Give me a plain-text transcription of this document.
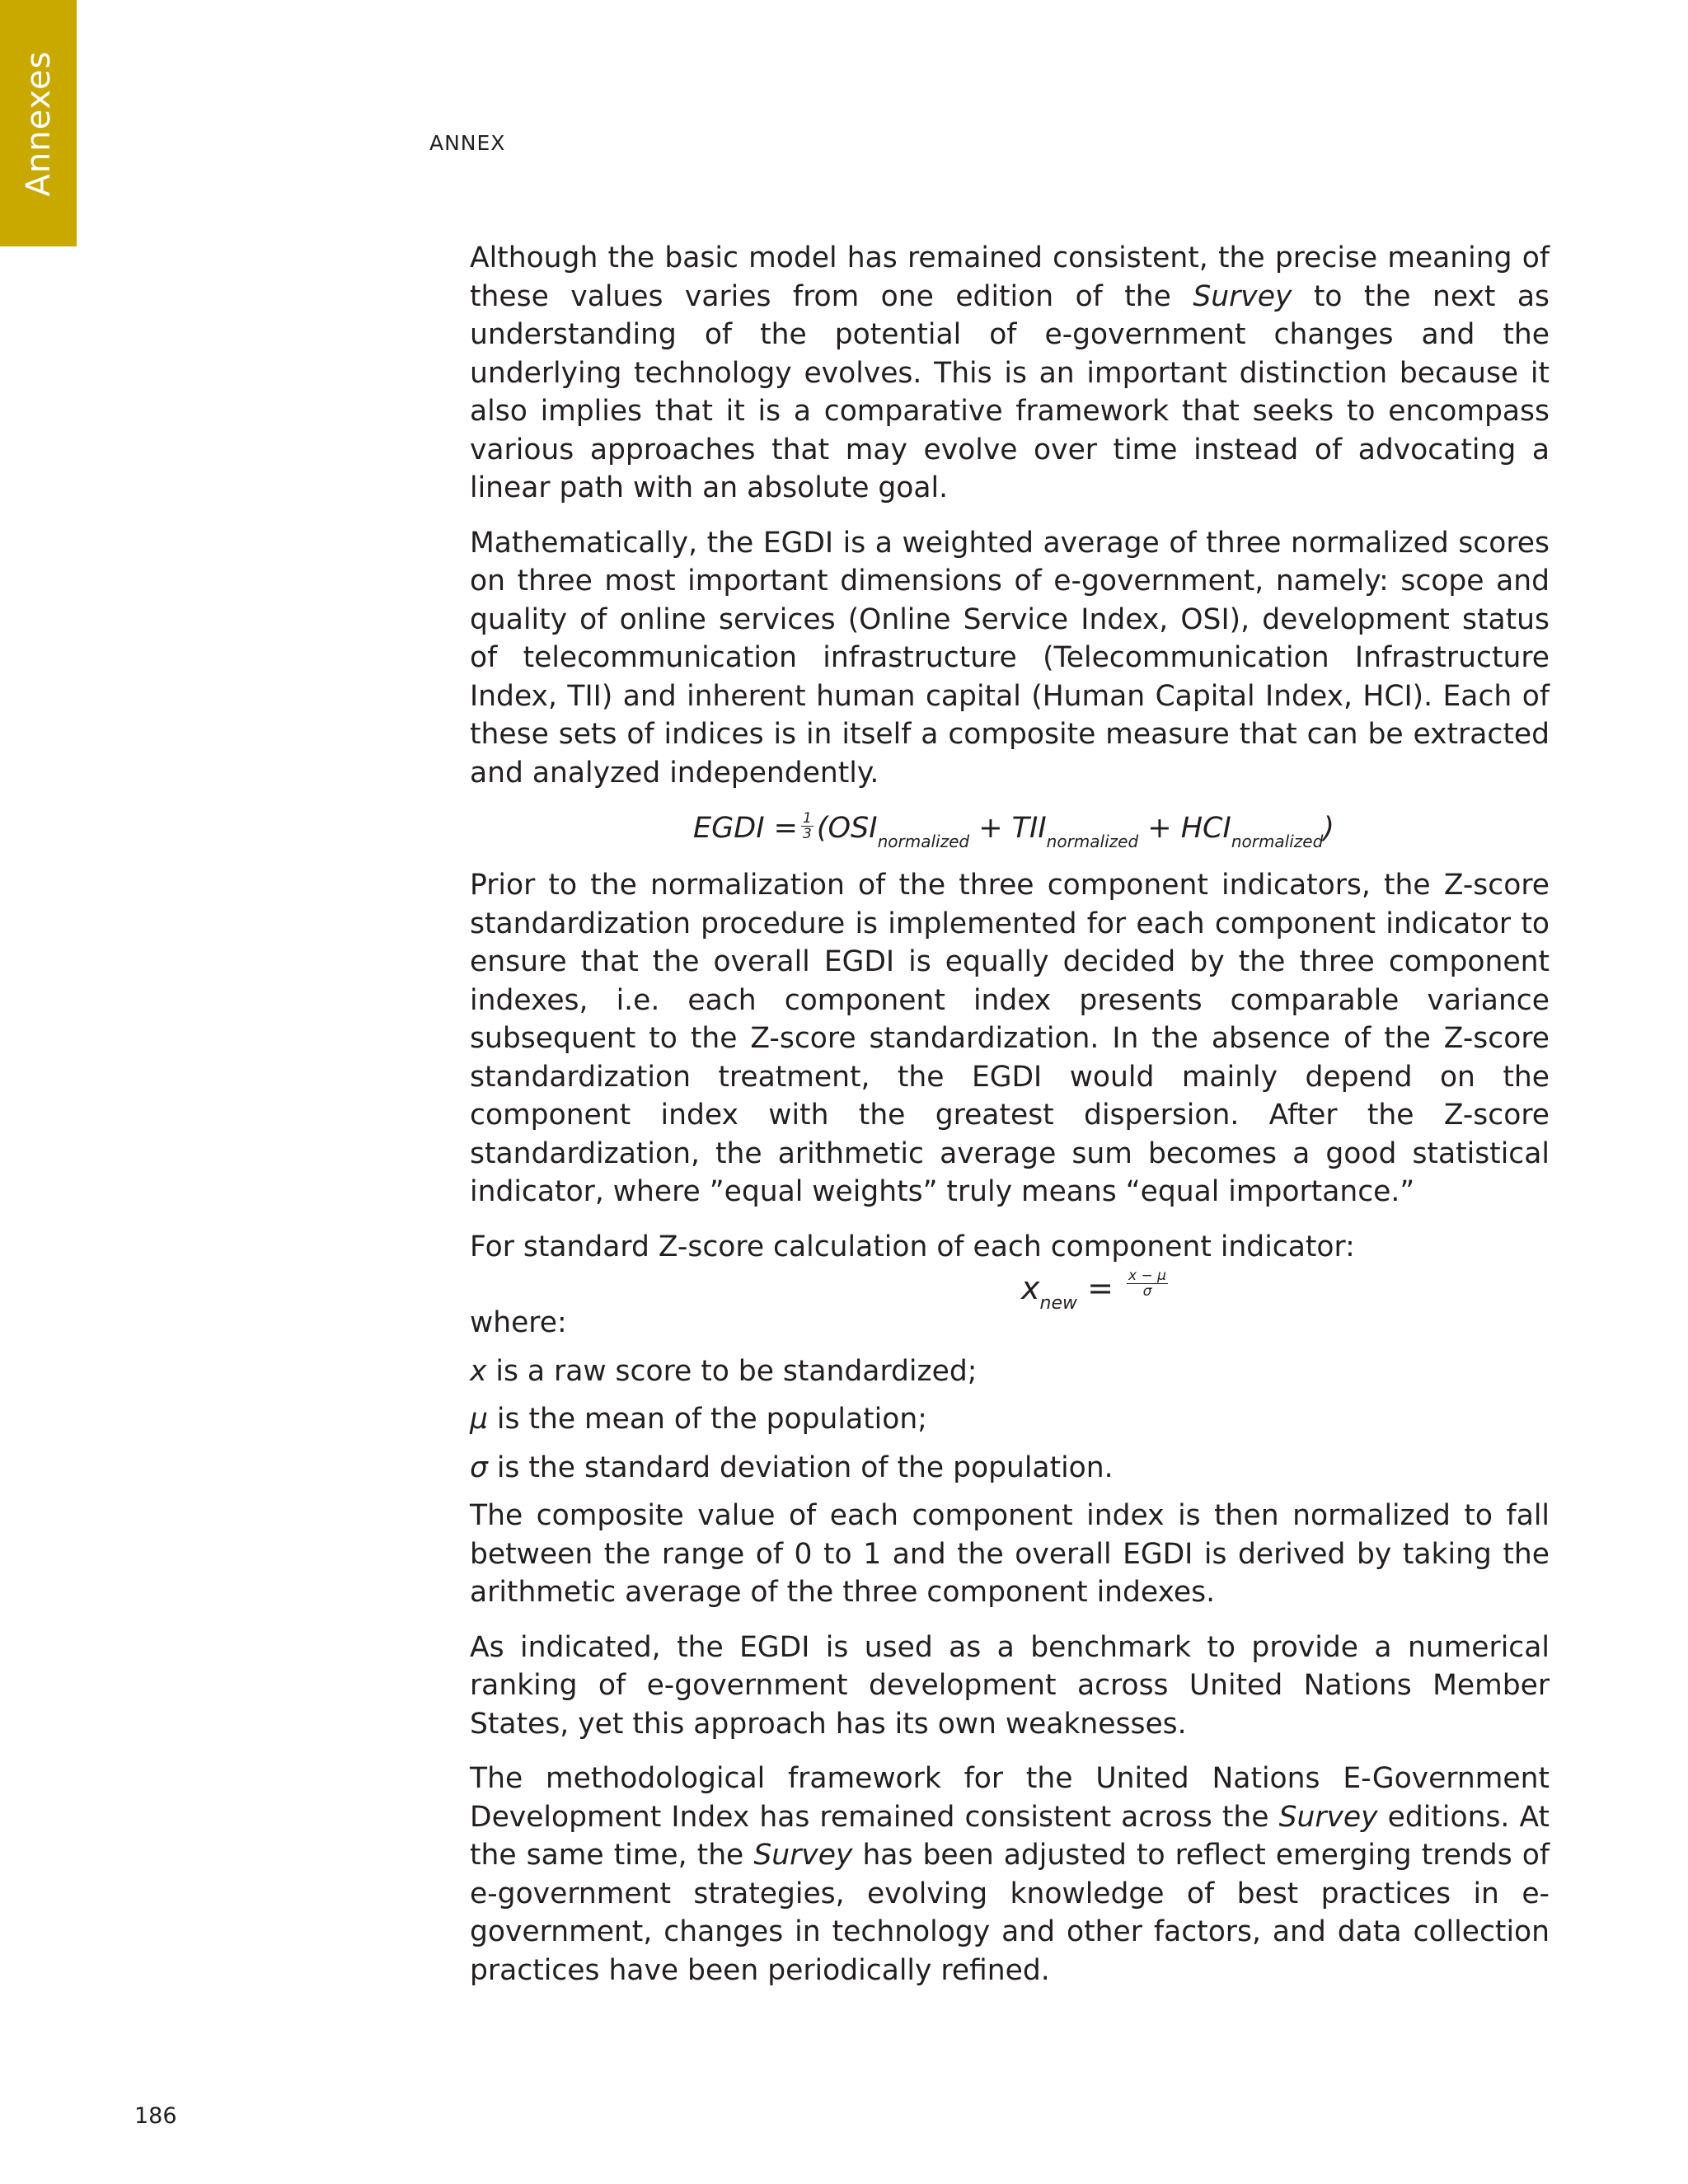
Annexes	ANNEX

Although the basic model has remained consistent, the precise meaning of these values varies from one edition of the Survey to the next as understanding of the potential of e-government changes and the underlying technology evolves. This is an important distinction because it also implies that it is a comparative framework that seeks to encompass various approaches that may evolve over time instead of advocating a linear path with an absolute goal.

Mathematically, the EGDI is a weighted average of three normalized scores on three most important dimensions of e-government, namely: scope and quality of online services (Online Service Index, OSI), development status of telecommunication infrastructure (Telecommunication Infrastructure Index, TII) and inherent human capital (Human Capital Index, HCI). Each of these sets of indices is in itself a composite measure that can be extracted and analyzed independently.

EGDI = $\frac{1}{3} (OSI_{normalized} + TII_{normalized} + HCI_{normalized})$

Prior to the normalization of the three component indicators, the Z-score standardization procedure is implemented for each component indicator to ensure that the overall EGDI is equally decided by the three component indexes, i.e. each component index presents comparable variance subsequent to the Z-score standardization. In the absence of the Z-score standardization treatment, the EGDI would mainly depend on the component index with the greatest dispersion. After the Z-score standardization, the arithmetic average sum becomes a good statistical indicator, where ”equal weights” truly means “equal importance.”

For standard Z-score calculation of each component indicator:

$x_{new} = \frac{x - \mu}{\sigma}$

where:

x is a raw score to be standardized;

μ is the mean of the population;

σ is the standard deviation of the population.

The composite value of each component index is then normalized to fall between the range of 0 to 1 and the overall EGDI is derived by taking the arithmetic average of the three component indexes.

As indicated, the EGDI is used as a benchmark to provide a numerical ranking of e-government development across United Nations Member States, yet this approach has its own weaknesses.

The methodological framework for the United Nations E-Government Development Index has remained consistent across the Survey editions. At the same time, the Survey has been adjusted to reflect emerging trends of e-government strategies, evolving knowledge of best practices in e-government, changes in technology and other factors, and data collection practices have been periodically refined.

186
